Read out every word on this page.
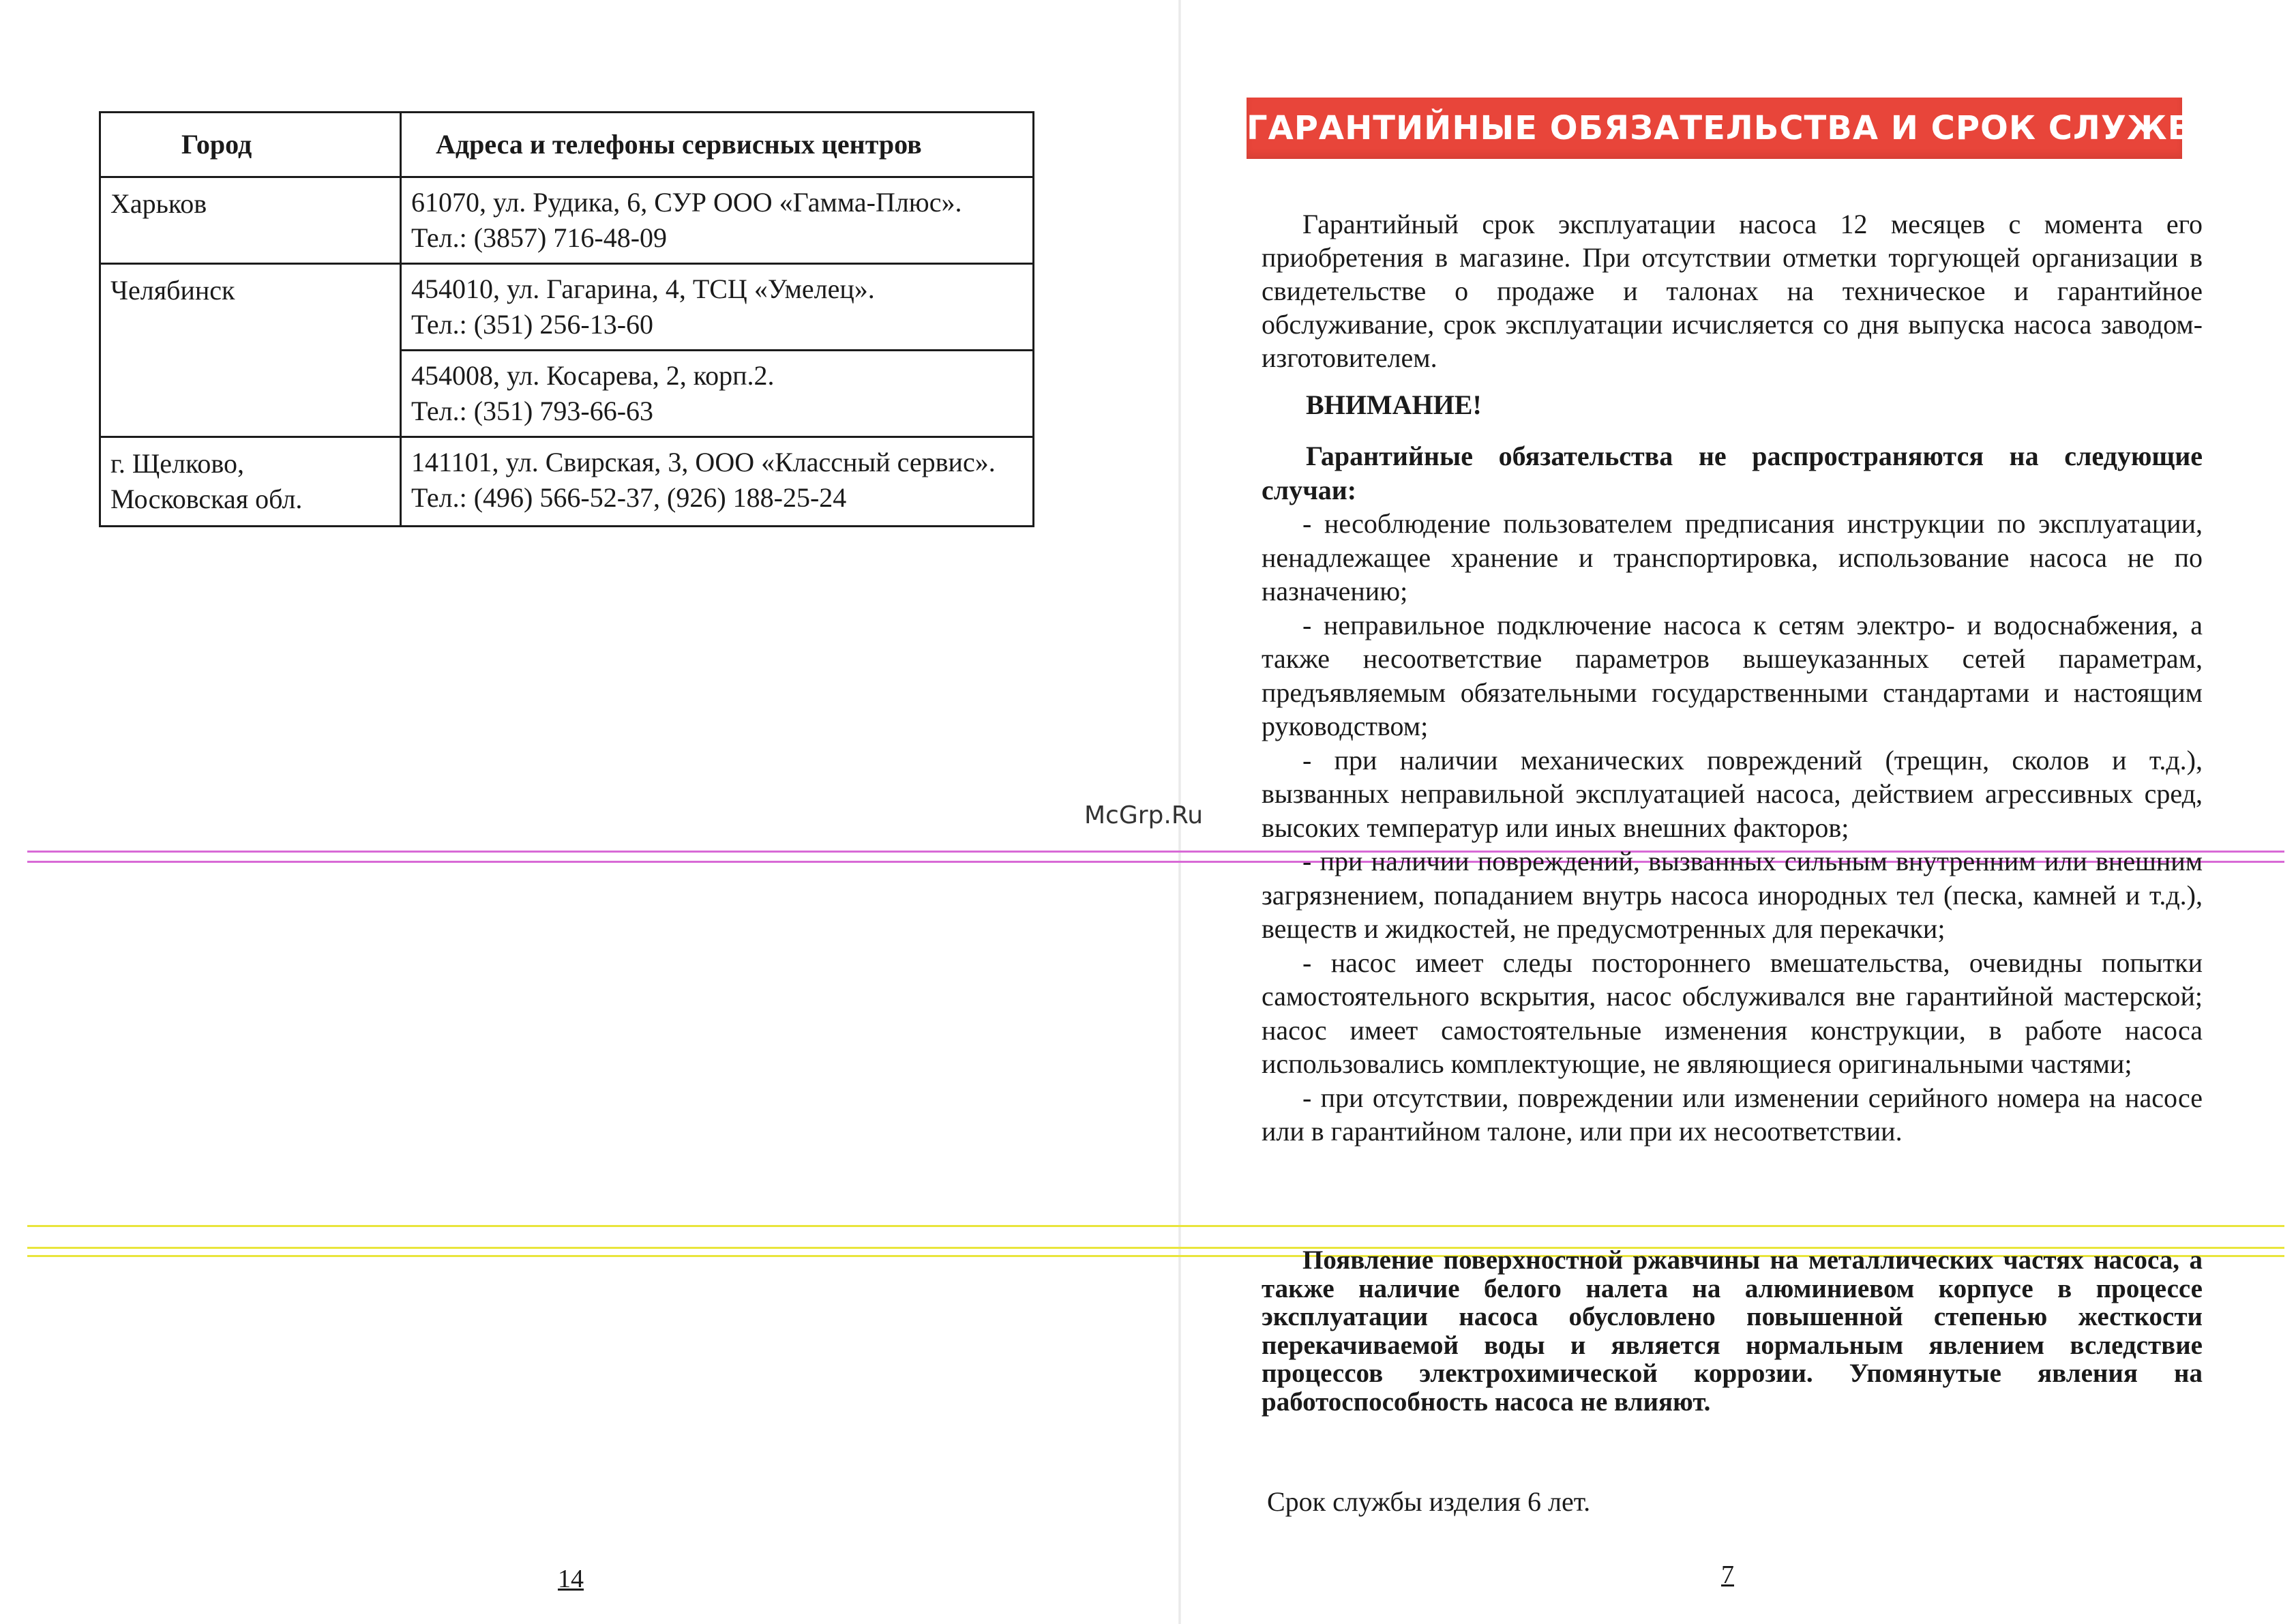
Город	Адреса и телефоны сервисных центров

Харьков	61070, ул. Рудика, 6, СУР ООО «Гамма-Плюс».
Тел.: (3857) 716-48-09

Челябинск	454010, ул. Гагарина, 4, ТСЦ «Умелец».
Тел.: (351) 256-13-60

	454008, ул. Косарева, 2, корп.2.
Тел.: (351) 793-66-63

г. Щелково,
Московская обл.	141101, ул. Свирская, 3, ООО «Классный сервис».
Тел.: (496) 566-52-37, (926) 188-25-24
14
McGrp.Ru
ГАРАНТИЙНЫЕ ОБЯЗАТЕЛЬСТВА И СРОК СЛУЖБЫ

Гарантийный срок эксплуатации насоса 12 месяцев с момента его приобретения в магазине. При отсутствии отметки торгующей организации в свидетельстве о продаже и талонах на техническое и гарантийное обслуживание, срок эксплуатации исчисляется со дня выпуска насоса заводом-изготовителем.

ВНИМАНИЕ!

Гарантийные обязательства не распространяются на следующие случаи:

- несоблюдение пользователем предписания инструкции по эксплуатации, ненадлежащее хранение и транспортировка, использование насоса не по назначению;

- неправильное подключение насоса к сетям электро- и водоснабжения, а также несоответствие параметров вышеуказанных сетей параметрам, предъявляемым обязательными государственными стандартами и настоящим руководством;

- при наличии механических повреждений (трещин, сколов и т.д.), вызванных неправильной эксплуатацией насоса, действием агрессивных сред, высоких температур или иных внешних факторов;

- при наличии повреждений, вызванных сильным внутренним или внешним загрязнением, попаданием внутрь насоса инородных тел (песка, камней и т.д.), веществ и жидкостей, не предусмотренных для перекачки;

- насос имеет следы постороннего вмешательства, очевидны попытки самостоятельного вскрытия, насос обслуживался вне гарантийной мастерской; насос имеет самостоятельные изменения конструкции, в работе насоса использовались комплектующие, не являющиеся оригинальными частями;

- при отсутствии, повреждении или изменении серийного номера на насосе или в гарантийном талоне, или при их несоответствии.

Появление поверхностной ржавчины на металлических частях насоса, а также наличие белого налета на алюминиевом корпусе в процессе эксплуатации насоса обусловлено повышенной степенью жесткости перекачиваемой воды и является нормальным явлением вследствие процессов электрохимической коррозии. Упомянутые явления на работоспособность насоса не влияют.

Срок службы изделия 6 лет.
7
